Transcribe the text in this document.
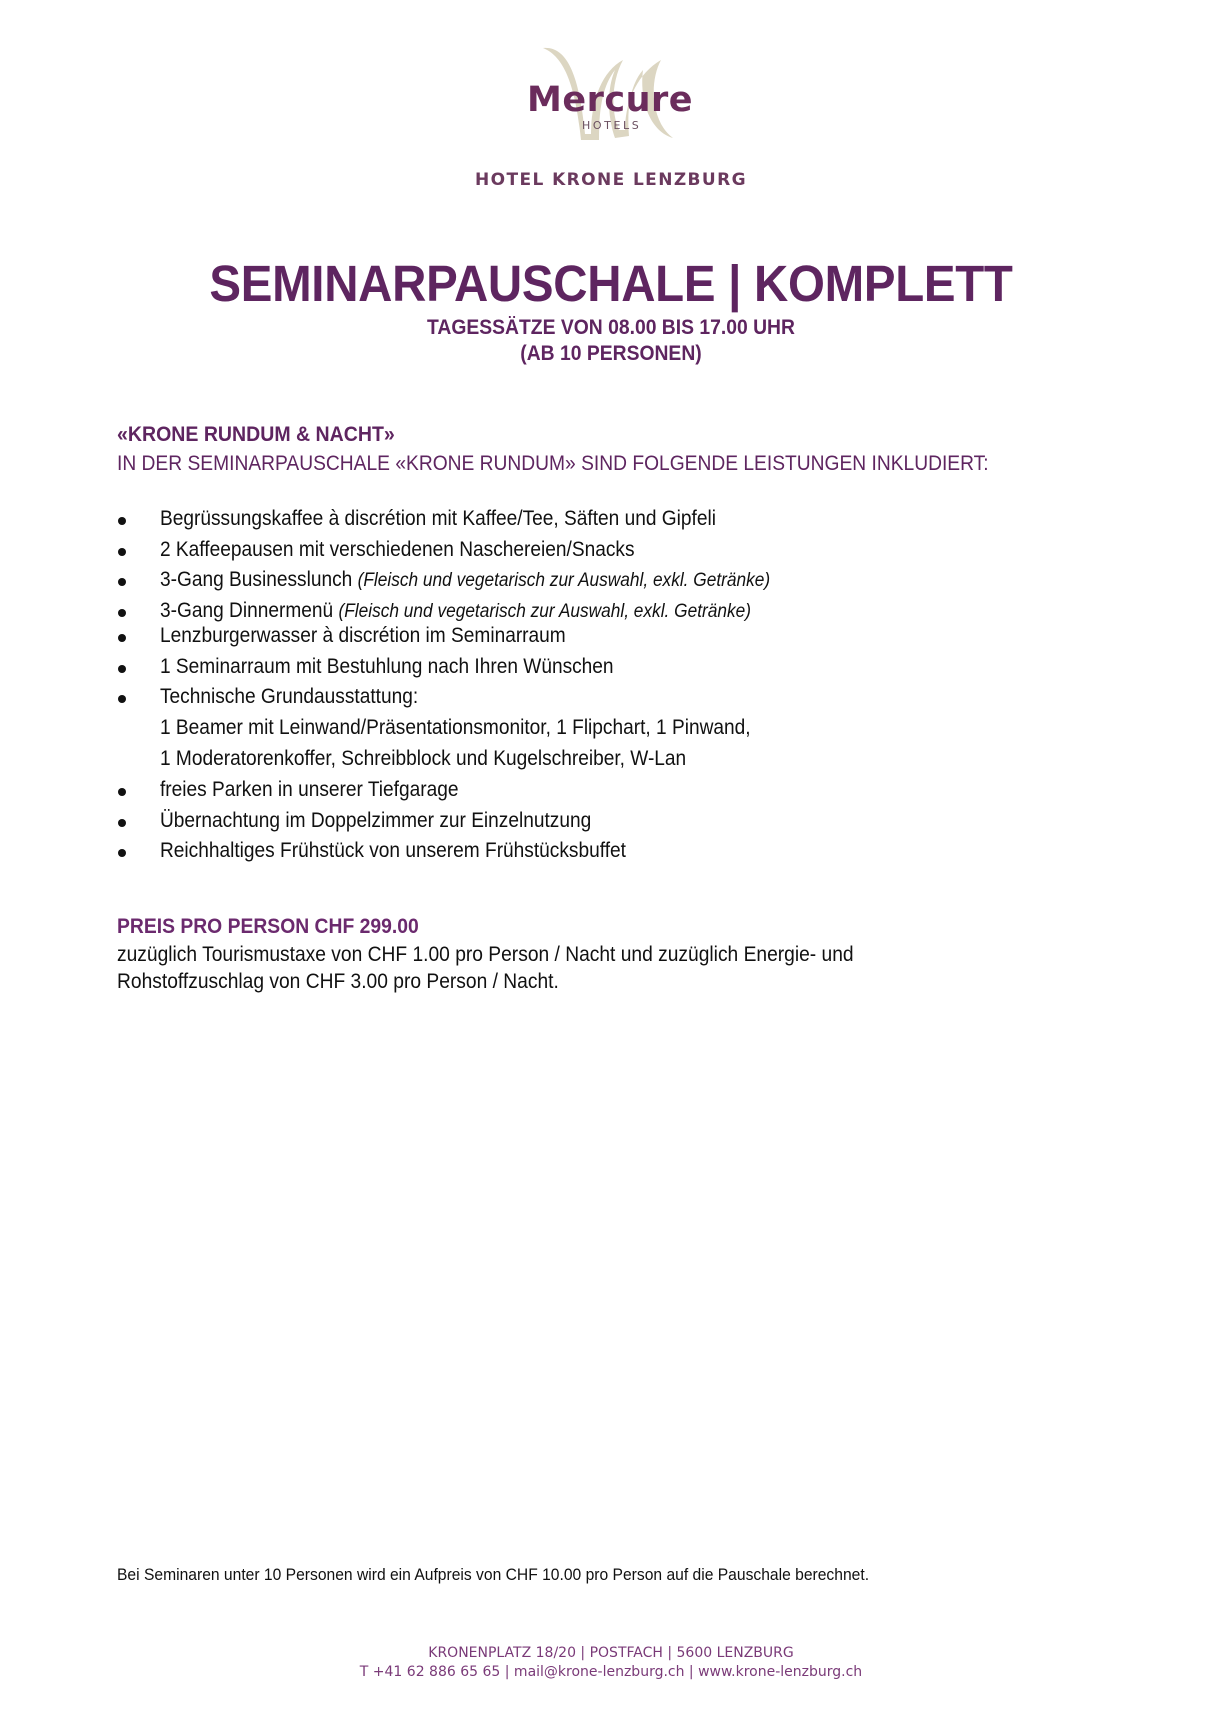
Mercure
HOTELS
HOTEL KRONE LENZBURG
SEMINARPAUSCHALE | KOMPLETT
TAGESSÄTZE VON 08.00 BIS 17.00 UHR
(AB 10 PERSONEN)
«KRONE RUNDUM & NACHT»
IN DER SEMINARPAUSCHALE «KRONE RUNDUM» SIND FOLGENDE LEISTUNGEN INKLUDIERT:
Begrüssungskaffee à discrétion mit Kaffee/Tee, Säften und Gipfeli
2 Kaffeepausen mit verschiedenen Naschereien/Snacks
3-Gang Businesslunch (Fleisch und vegetarisch zur Auswahl, exkl. Getränke)
3-Gang Dinnermenü (Fleisch und vegetarisch zur Auswahl, exkl. Getränke)
Lenzburgerwasser à discrétion im Seminarraum
1 Seminarraum mit Bestuhlung nach Ihren Wünschen
Technische Grundausstattung:
1 Beamer mit Leinwand/Präsentationsmonitor, 1 Flipchart, 1 Pinwand,
1 Moderatorenkoffer, Schreibblock und Kugelschreiber, W-Lan
freies Parken in unserer Tiefgarage
Übernachtung im Doppelzimmer zur Einzelnutzung
Reichhaltiges Frühstück von unserem Frühstücksbuffet
PREIS PRO PERSON CHF 299.00
zuzüglich Tourismustaxe von CHF 1.00 pro Person / Nacht und zuzüglich Energie- und
Rohstoffzuschlag von CHF 3.00 pro Person / Nacht.
Bei Seminaren unter 10 Personen wird ein Aufpreis von CHF 10.00 pro Person auf die Pauschale berechnet.
KRONENPLATZ 18/20 | POSTFACH | 5600 LENZBURG
T +41 62 886 65 65 | mail@krone-lenzburg.ch | www.krone-lenzburg.ch
